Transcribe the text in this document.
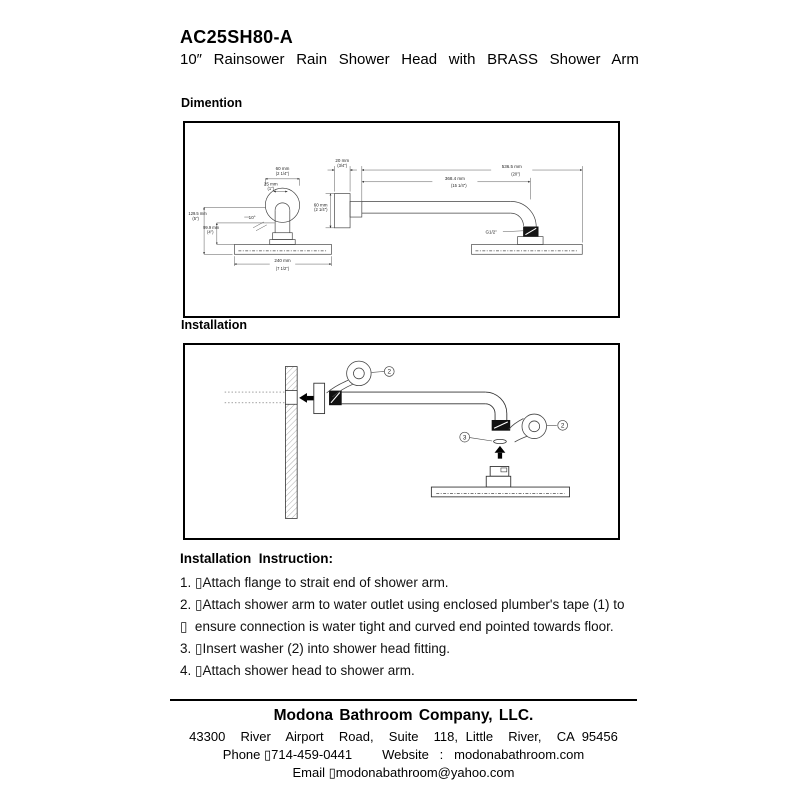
AC25SH80-A
10″ Rainsower Rain Shower Head with BRASS Shower Arm
Dimention
60 mm
(2 1/4")
25 mm
(1")
10°
129.5 mm
(5")
99.9 mm
(4")
240 mm
(7 1/2")
20 mm
(3/4")	536.5 mm
(20")
368.4 mm
(15 1/4")
60 mm
(2 1/4")
G1/2"
Installation
2
2
3
Installation  Instruction:
1. ▯Attach flange to strait end of shower arm.
2. ▯Attach shower arm to water outlet using enclosed plumber's tape (1) to
▯  ensure connection is water tight and curved end pointed towards floor.
3. ▯Insert washer (2) into shower head fitting.
4. ▯Attach shower head to shower arm.
Modona Bathroom Company, LLC.
43300  River  Airport  Road,  Suite  118, Little  River,  CA 95456
Phone ▯714-459-0441 Website   :   modonabathroom.com
Email ▯modonabathroom@yahoo.com
